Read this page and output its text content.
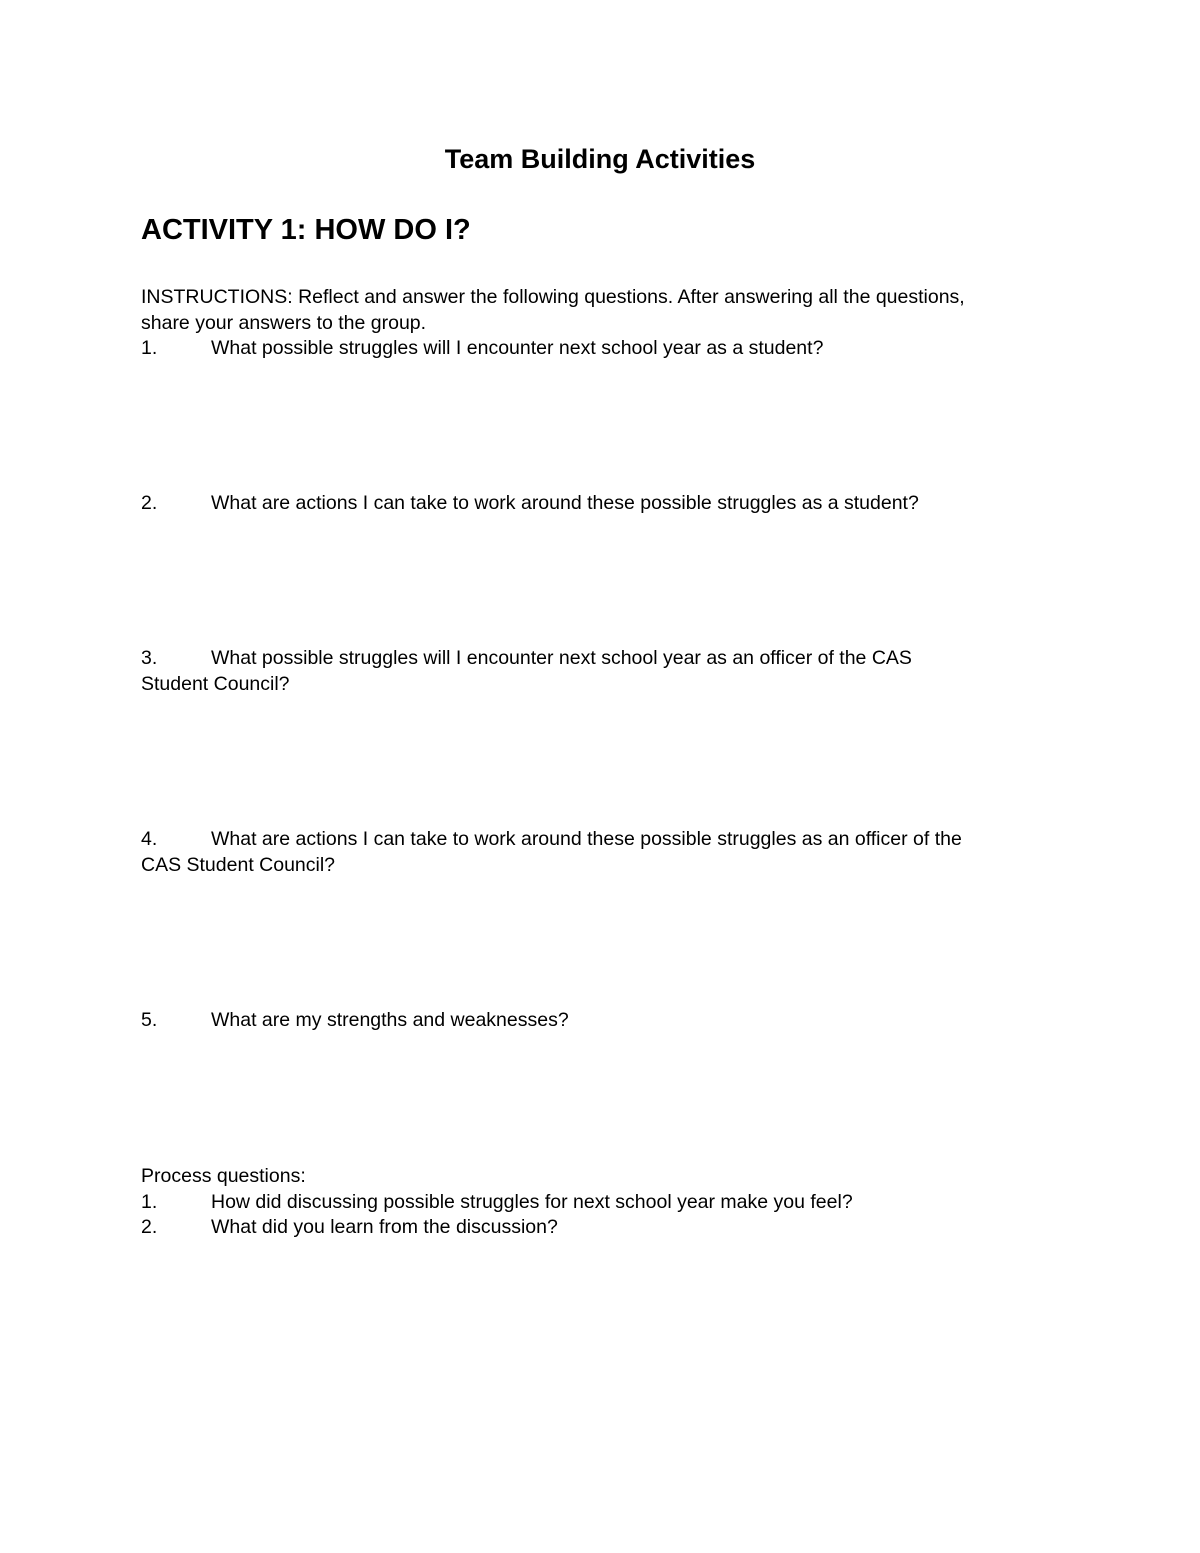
Team Building Activities
ACTIVITY 1: HOW DO I?
INSTRUCTIONS: Reflect and answer the following questions. After answering all the questions,
share your answers to the group.
1.	What possible struggles will I encounter next school year as a student?
2.	What are actions I can take to work around these possible struggles as a student?
3.	What possible struggles will I encounter next school year as an officer of the CAS
Student Council?
4.	What are actions I can take to work around these possible struggles as an officer of the
CAS Student Council?
5.	What are my strengths and weaknesses?
Process questions:
1.	How did discussing possible struggles for next school year make you feel?
2.	What did you learn from the discussion?
